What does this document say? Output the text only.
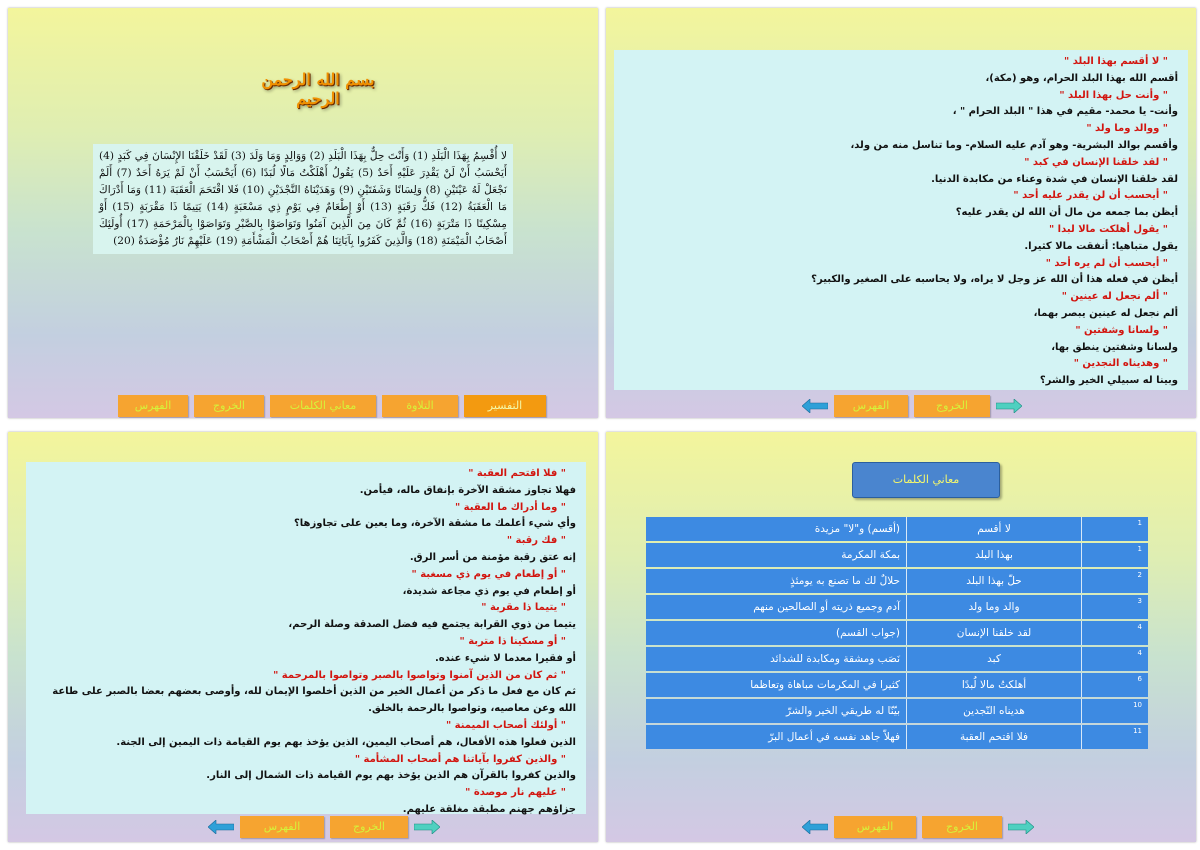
بسم الله الرحمن الرحيم
لا أُقْسِمُ بِهَذَا الْبَلَدِ (1) وَأَنْتَ حِلٌّ بِهَذَا الْبَلَدِ (2) وَوَالِدٍ وَمَا وَلَدَ (3) لَقَدْ خَلَقْنَا الإِنْسَانَ فِي كَبَدٍ (4) أَيَحْسَبُ أَنْ لَنْ يَقْدِرَ عَلَيْهِ أَحَدٌ (5) يَقُولُ أَهْلَكْتُ مَالًا لُبَدًا (6) أَيَحْسَبُ أَنْ لَمْ يَرَهُ أَحَدٌ (7) أَلَمْ نَجْعَلْ لَهُ عَيْنَيْنِ (8) وَلِسَانًا وَشَفَتَيْنِ (9) وَهَدَيْنَاهُ النَّجْدَيْنِ (10) فَلا اقْتَحَمَ الْعَقَبَةَ (11) وَمَا أَدْرَاكَ مَا الْعَقَبَةُ (12) فَكُّ رَقَبَةٍ (13) أَوْ إِطْعَامٌ فِي يَوْمٍ ذِي مَسْغَبَةٍ (14) يَتِيمًا ذَا مَقْرَبَةٍ (15) أَوْ مِسْكِينًا ذَا مَتْرَبَةٍ (16) ثُمَّ كَانَ مِنَ الَّذِينَ آمَنُوا وَتَوَاصَوْا بِالصَّبْرِ وَتَوَاصَوْا بِالْمَرْحَمَةِ (17) أُولَئِكَ أَصْحَابُ الْمَيْمَنَةِ (18) وَالَّذِينَ كَفَرُوا بِآيَاتِنَا هُمْ أَصْحَابُ الْمَشْأَمَةِ (19) عَلَيْهِمْ نَارٌ مُؤْصَدَةٌ (20)
الفهرس	الخروج	معاني الكلمات	التلاوة	التفسير
" لا أقسم بهذا البلد "
أقسم الله بهذا البلد الحرام، وهو (مكة)،
" وأنت حل بهذا البلد "
وأنت- يا محمد- مقيم في هذا " البلد الحرام " ،
" ووالد وما ولد "
وأقسم بوالد البشرية- وهو آدم عليه السلام- وما تناسل منه من ولد،
" لقد خلقنا الإنسان في كبد "
لقد خلقنا الإنسان في شدة وعناء من مكابدة الدنيا.
" أيحسب أن لن يقدر عليه أحد "
أيظن بما جمعه من مال أن الله لن يقدر عليه؟
" يقول أهلكت مالا لبدا "
يقول متباهيا: أنفقت مالا كثيرا.
" أيحسب أن لم يره أحد "
أيظن في فعله هذا أن الله عز وجل لا يراه، ولا يحاسبه على الصغير والكبير؟
" ألم نجعل له عينين "
ألم نجعل له عينين يبصر بهما،
" ولسانا وشفتين "
ولسانا وشفتين ينطق بها،
" وهديناه النجدين "
وبينا له سبيلي الخير والشر؟
الفهرس	الخروج
" فلا اقتحم العقبة "
فهلا تجاوز مشقة الآخرة بإنفاق ماله، فيأمن.
" وما أدراك ما العقبة "
وأي شيء أعلمك ما مشقة الآخرة، وما يعين على تجاوزها؟
" فك رقبة "
إنه عتق رقبة مؤمنة من أسر الرق.
" أو إطعام في يوم ذي مسغبة "
أو إطعام في يوم ذي مجاعة شديدة،
" يتيما ذا مقربة "
يتيما من ذوي القرابة يجتمع فيه فضل الصدقة وصلة الرحم،
" أو مسكينا ذا متربة "
أو فقيرا معدما لا شيء عنده.
" ثم كان من الذين آمنوا وتواصوا بالصبر وتواصوا بالمرحمة "
ثم كان مع فعل ما ذكر من أعمال الخير من الذين أخلصوا الإيمان لله، وأوصى بعضهم بعضا بالصبر على طاعة الله وعن معاصيه، وتواصوا بالرحمة بالخلق.
" أولئك أصحاب الميمنة "
الذين فعلوا هذه الأفعال، هم أصحاب اليمين، الذين يؤخذ بهم يوم القيامة ذات اليمين إلى الجنة.
" والذين كفروا بآياتنا هم أصحاب المشأمة "
والذين كفروا بالقرآن هم الذين يؤخذ بهم يوم القيامة ذات الشمال إلى النار.
" عليهم نار موصدة "
جزاؤهم جهنم مطبقة مغلقة عليهم.
الفهرس	الخروج
معاني الكلمات
1	لا أقسم	(أقسم) و"لا" مزيدة
1	بهذا البلد	بمكة المكرمة
2	حلّ بهذا البلد	حلالٌ لك ما تصنع به يومئذٍ
3	والد وما ولد	آدم وجميع ذريته أو الصالحين منهم
4	لقد خلقنا الإنسان	(جواب القسم)
4	كبد	نَصَب ومشقة ومكابدة للشدائد
6	أهلكتُ مالا لُبدًا	كثيرا في المكرمات مباهاة وتعاظما
10	هديناه النّجدين	بيّنّا له طريقي الخير والشرّ
11	فلا اقتحم العقبة	فهلاّ جاهد نفسه في أعمال البرّ
الفهرس	الخروج
